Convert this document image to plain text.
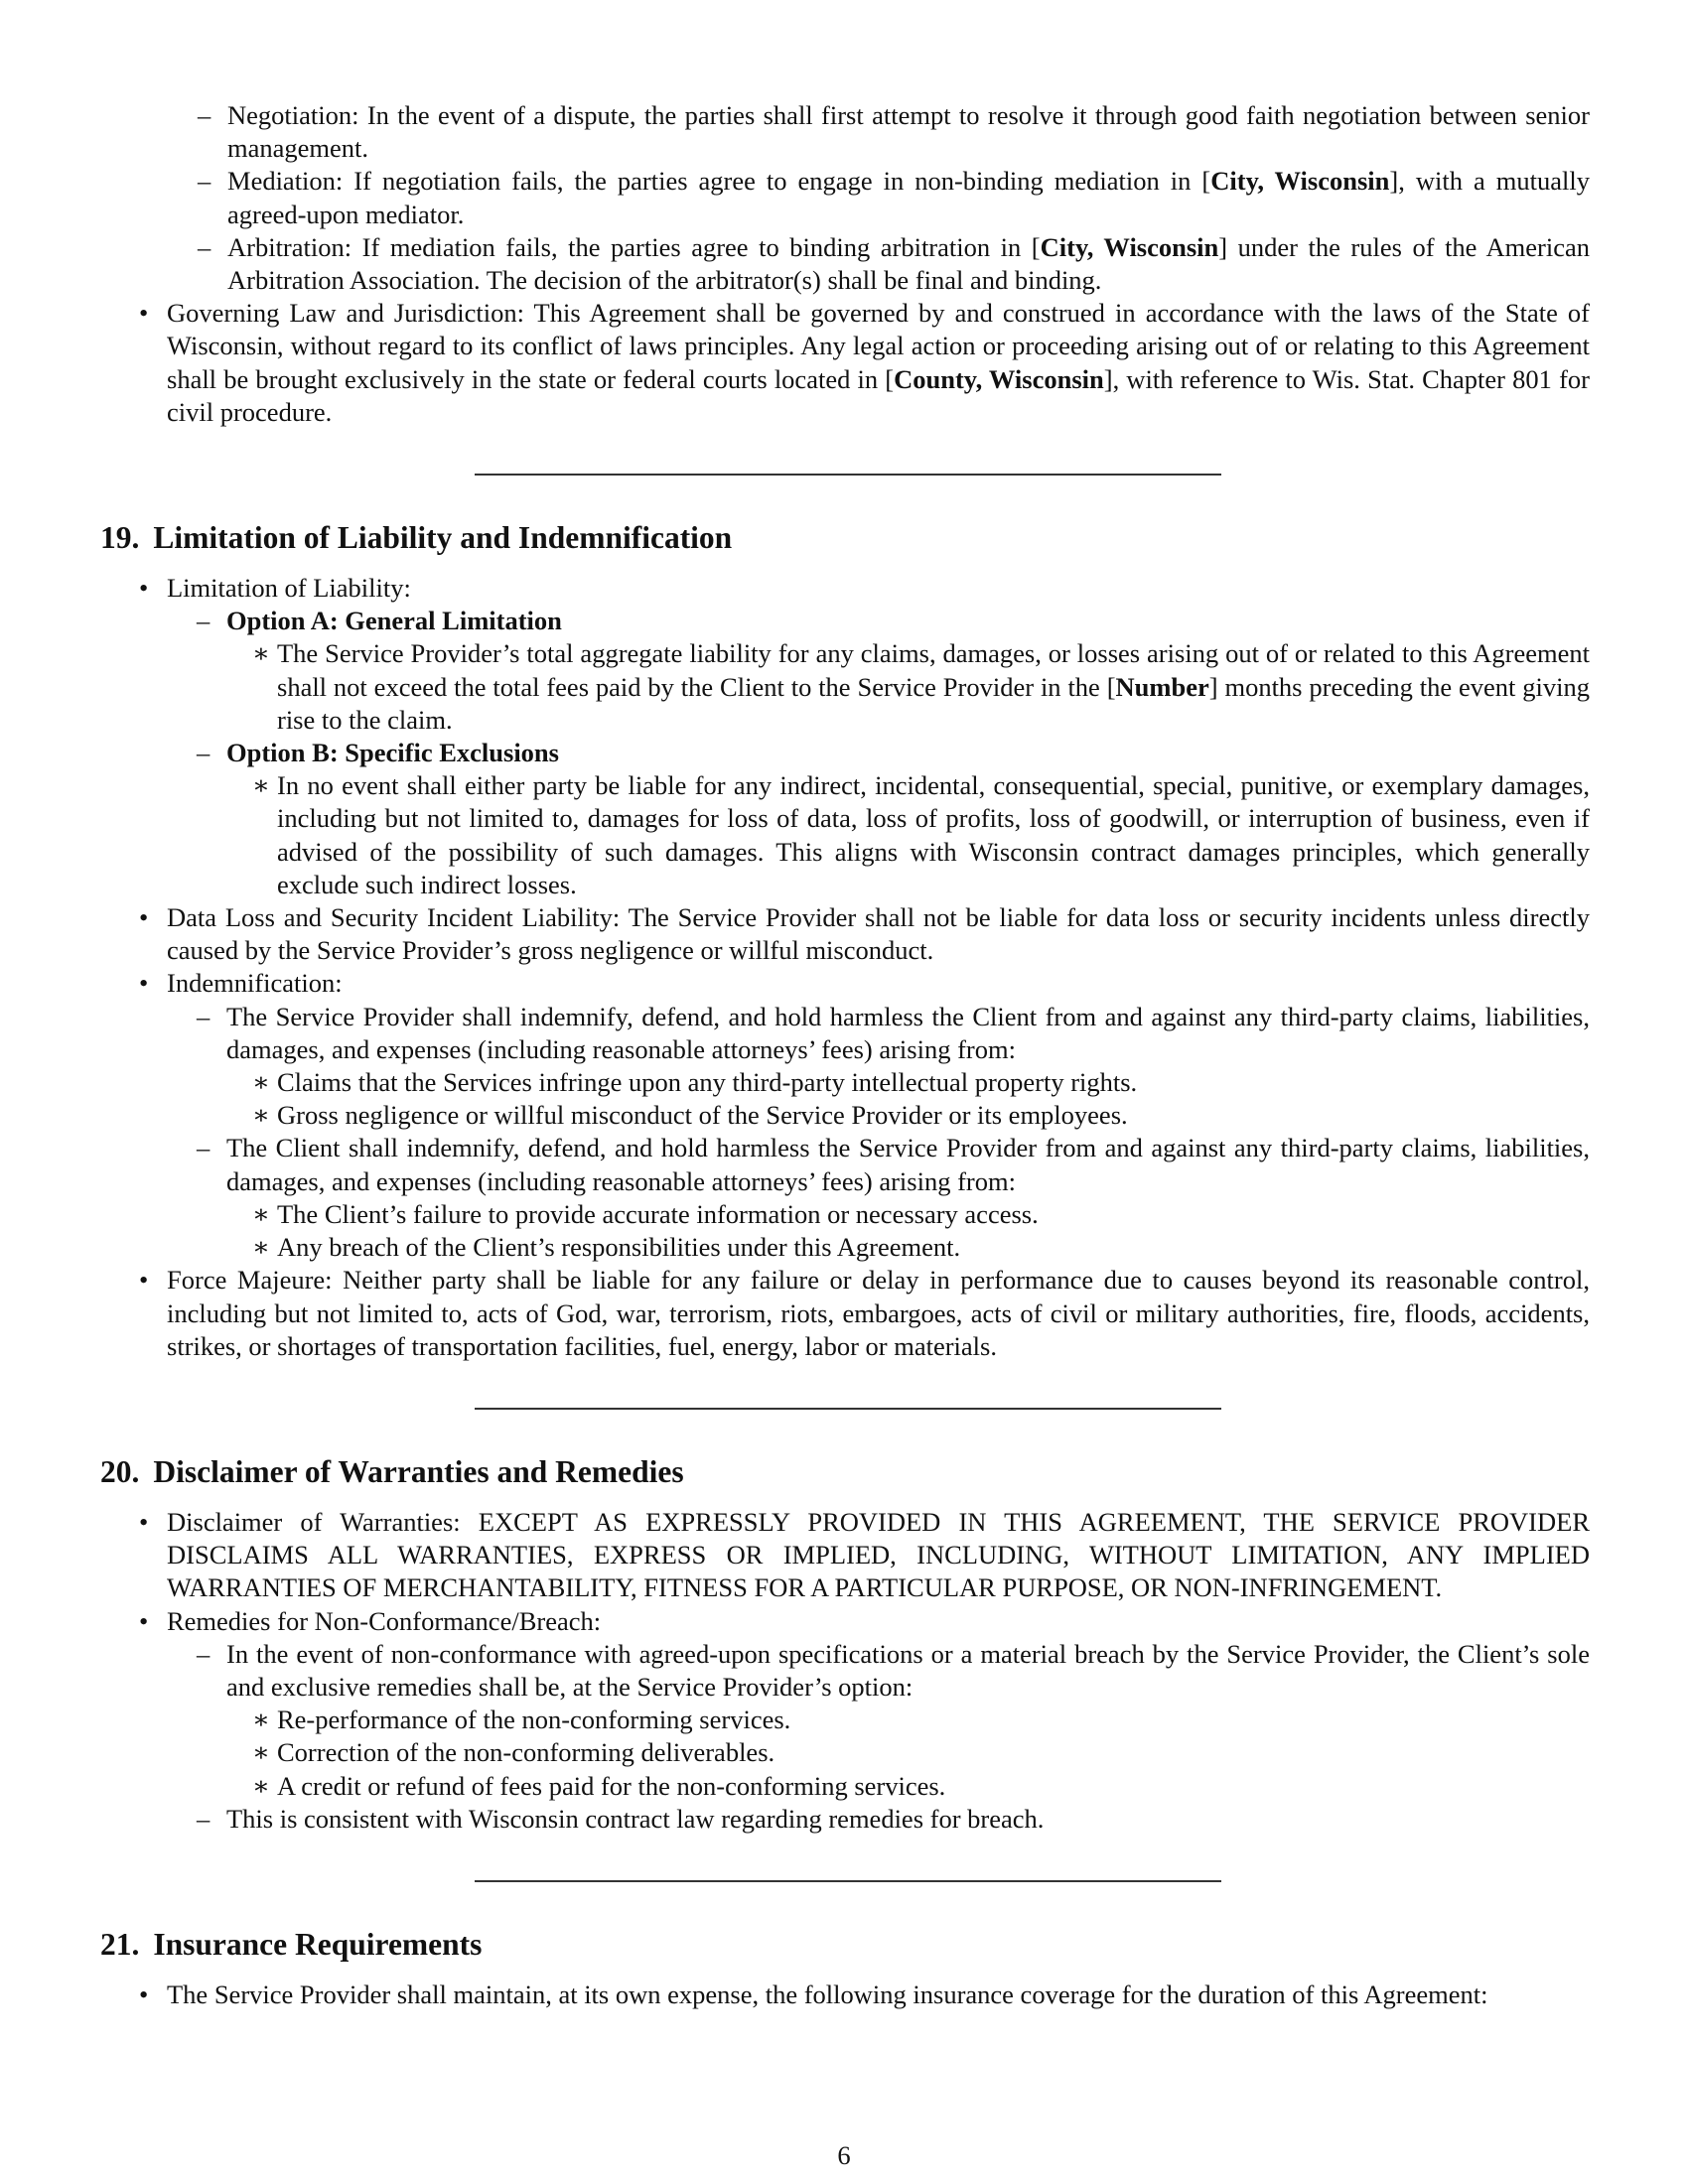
– Negotiation: In the event of a dispute, the parties shall first attempt to resolve it through good faith negotiation between senior management.
– Mediation: If negotiation fails, the parties agree to engage in non-binding mediation in [City, Wisconsin], with a mutually agreed-upon mediator.
– Arbitration: If mediation fails, the parties agree to binding arbitration in [City, Wisconsin] under the rules of the American Arbitration Association. The decision of the arbitrator(s) shall be final and binding.
• Governing Law and Jurisdiction: This Agreement shall be governed by and construed in accordance with the laws of the State of Wisconsin, without regard to its conflict of laws principles. Any legal action or proceeding arising out of or relating to this Agreement shall be brought exclusively in the state or federal courts located in [County, Wisconsin], with reference to Wis. Stat. Chapter 801 for civil procedure.
19. Limitation of Liability and Indemnification
• Limitation of Liability:
– Option A: General Limitation
∗ The Service Provider’s total aggregate liability for any claims, damages, or losses arising out of or related to this Agreement shall not exceed the total fees paid by the Client to the Service Provider in the [Number] months preceding the event giving rise to the claim.
– Option B: Specific Exclusions
∗ In no event shall either party be liable for any indirect, incidental, consequential, special, punitive, or exemplary damages, including but not limited to, damages for loss of data, loss of profits, loss of goodwill, or interruption of business, even if advised of the possibility of such damages. This aligns with Wisconsin contract damages principles, which generally exclude such indirect losses.
• Data Loss and Security Incident Liability: The Service Provider shall not be liable for data loss or security incidents unless directly caused by the Service Provider’s gross negligence or willful misconduct.
• Indemnification:
– The Service Provider shall indemnify, defend, and hold harmless the Client from and against any third-party claims, liabilities, damages, and expenses (including reasonable attorneys’ fees) arising from:
∗ Claims that the Services infringe upon any third-party intellectual property rights.
∗ Gross negligence or willful misconduct of the Service Provider or its employees.
– The Client shall indemnify, defend, and hold harmless the Service Provider from and against any third-party claims, liabilities, damages, and expenses (including reasonable attorneys’ fees) arising from:
∗ The Client’s failure to provide accurate information or necessary access.
∗ Any breach of the Client’s responsibilities under this Agreement.
• Force Majeure: Neither party shall be liable for any failure or delay in performance due to causes beyond its reasonable control, including but not limited to, acts of God, war, terrorism, riots, embargoes, acts of civil or military authorities, fire, floods, accidents, strikes, or shortages of transportation facilities, fuel, energy, labor or materials.
20. Disclaimer of Warranties and Remedies
• Disclaimer of Warranties: EXCEPT AS EXPRESSLY PROVIDED IN THIS AGREEMENT, THE SERVICE PROVIDER DISCLAIMS ALL WARRANTIES, EXPRESS OR IMPLIED, INCLUDING, WITHOUT LIMITATION, ANY IMPLIED WARRANTIES OF MERCHANTABILITY, FITNESS FOR A PARTICULAR PURPOSE, OR NON-INFRINGEMENT.
• Remedies for Non-Conformance/Breach:
– In the event of non-conformance with agreed-upon specifications or a material breach by the Service Provider, the Client’s sole and exclusive remedies shall be, at the Service Provider’s option:
∗ Re-performance of the non-conforming services.
∗ Correction of the non-conforming deliverables.
∗ A credit or refund of fees paid for the non-conforming services.
– This is consistent with Wisconsin contract law regarding remedies for breach.
21. Insurance Requirements
• The Service Provider shall maintain, at its own expense, the following insurance coverage for the duration of this Agreement:
6
